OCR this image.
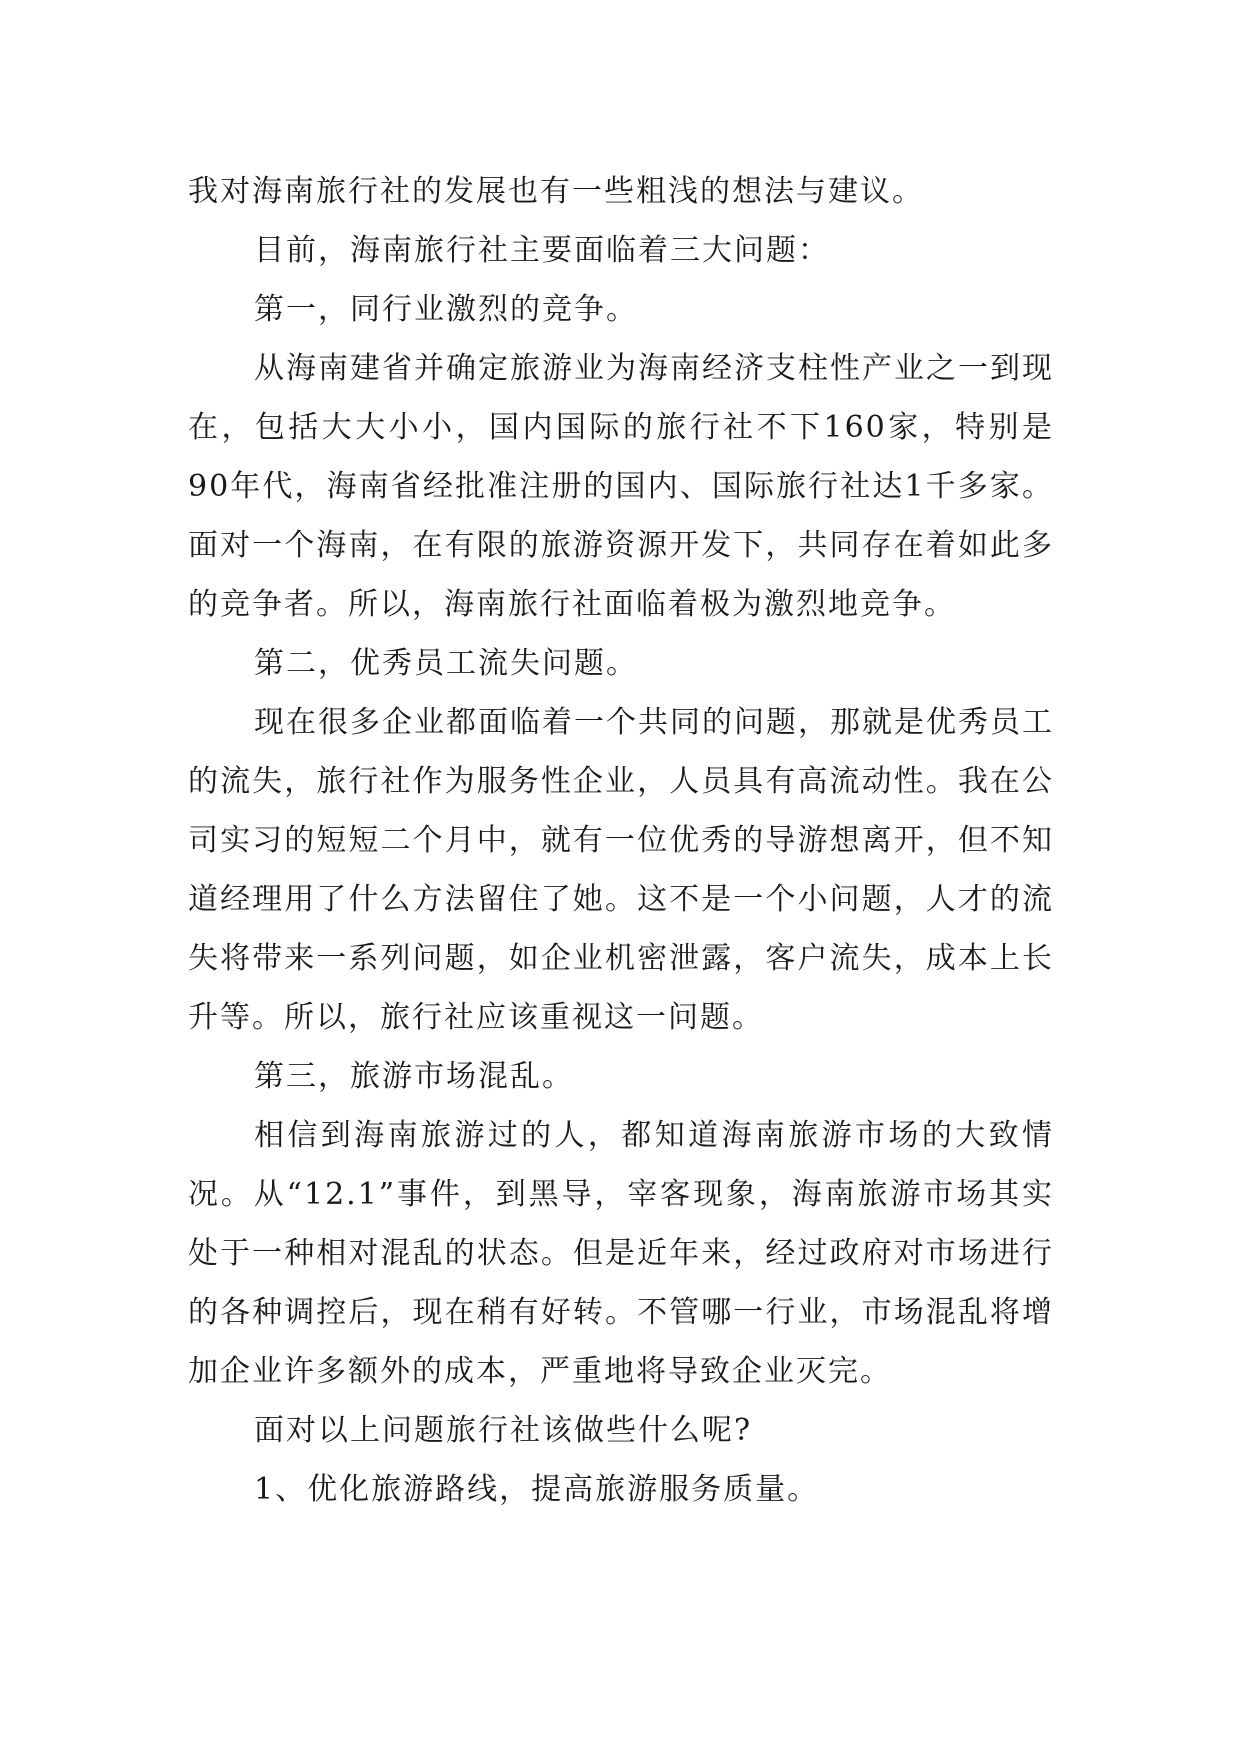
我对海南旅行社的发展也有一些粗浅的想法与建议。

目前，海南旅行社主要面临着三大问题：

第一，同行业激烈的竞争。

从海南建省并确定旅游业为海南经济支柱性产业之一到现在，包括大大小小，国内国际的旅行社不下160家，特别是90年代，海南省经批准注册的国内、国际旅行社达1千多家。面对一个海南，在有限的旅游资源开发下，共同存在着如此多的竞争者。所以，海南旅行社面临着极为激烈地竞争。

第二，优秀员工流失问题。

现在很多企业都面临着一个共同的问题，那就是优秀员工的流失，旅行社作为服务性企业，人员具有高流动性。我在公司实习的短短二个月中，就有一位优秀的导游想离开，但不知道经理用了什么方法留住了她。这不是一个小问题，人才的流失将带来一系列问题，如企业机密泄露，客户流失，成本上长升等。所以，旅行社应该重视这一问题。

第三，旅游市场混乱。

相信到海南旅游过的人，都知道海南旅游市场的大致情况。从“12.1”事件，到黑导，宰客现象，海南旅游市场其实处于一种相对混乱的状态。但是近年来，经过政府对市场进行的各种调控后，现在稍有好转。不管哪一行业，市场混乱将增加企业许多额外的成本，严重地将导致企业灭完。

面对以上问题旅行社该做些什么呢?

1、优化旅游路线，提高旅游服务质量。
